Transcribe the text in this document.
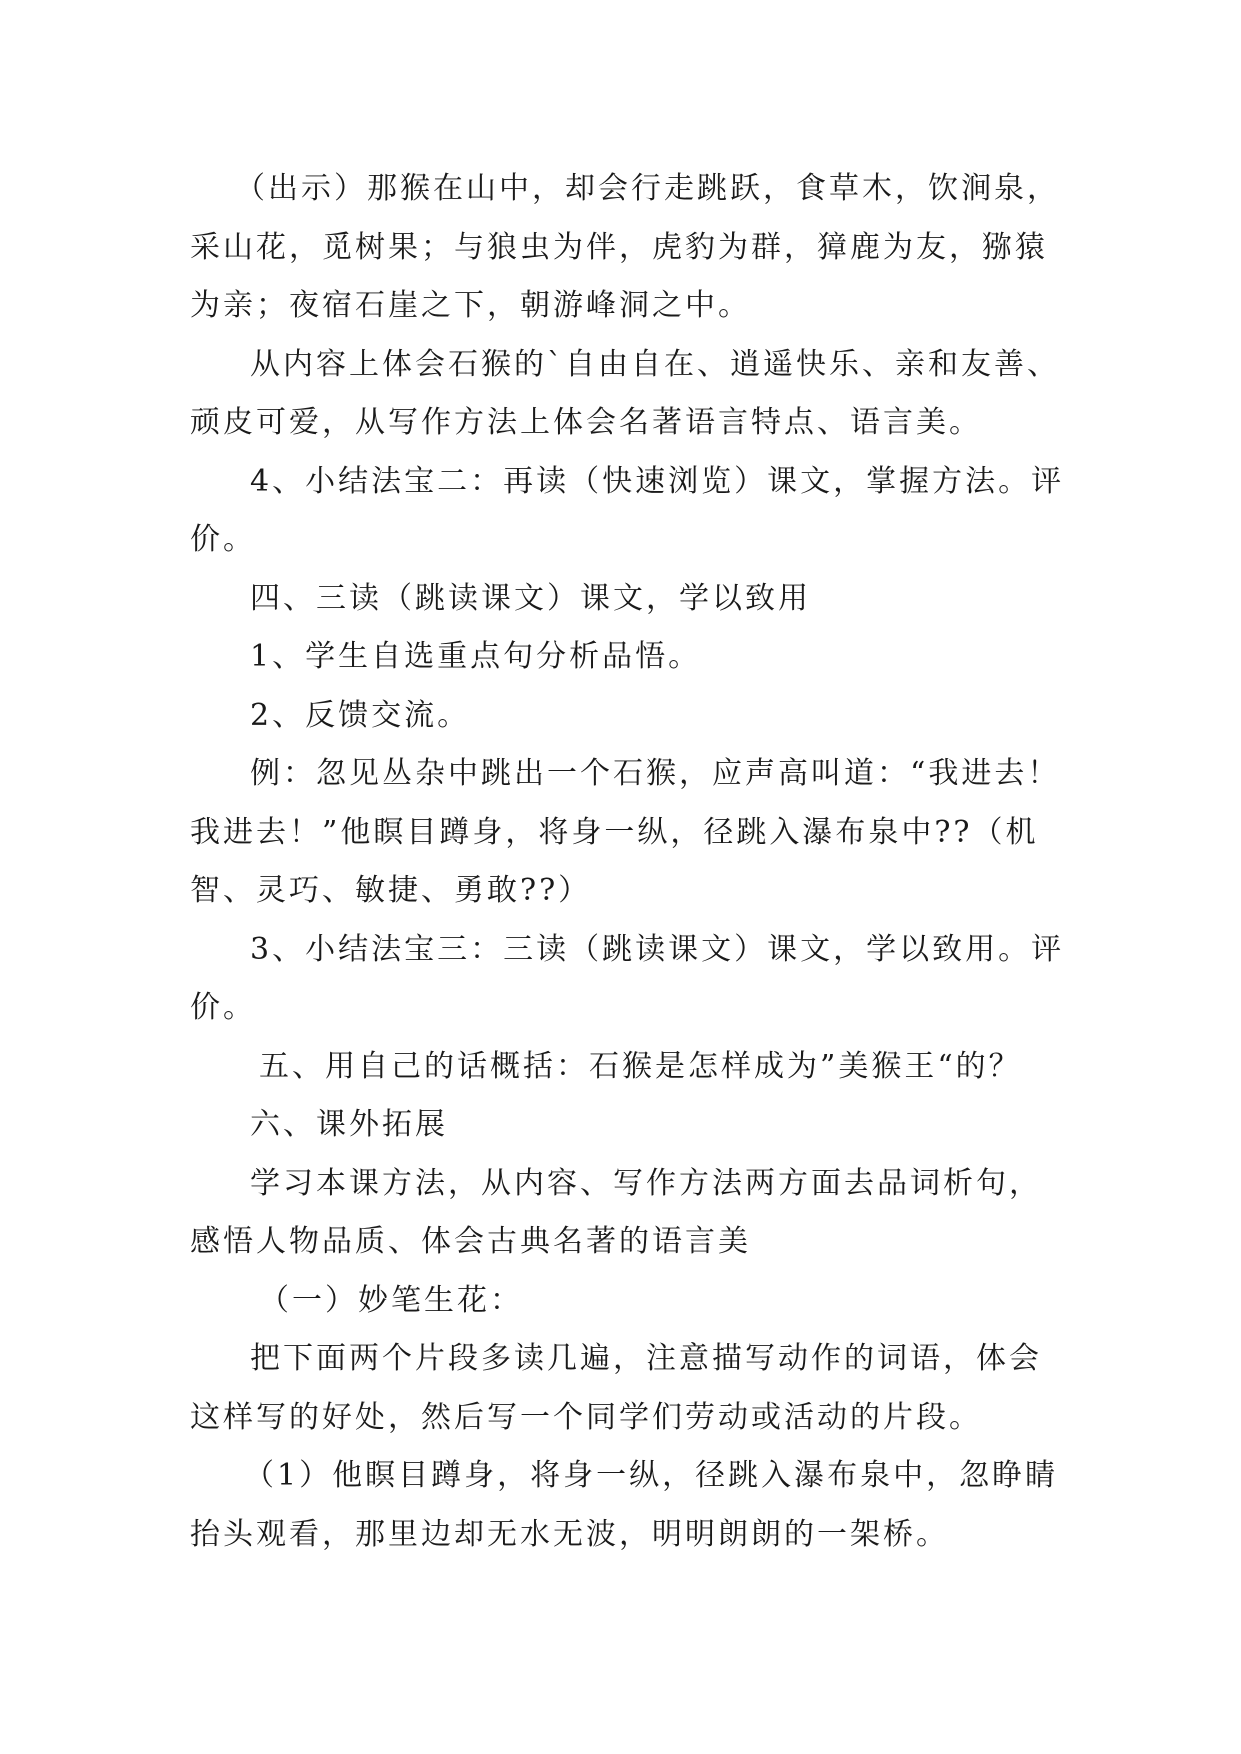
（出示）那猴在山中，却会行走跳跃，食草木，饮涧泉，采山花，觅树果；与狼虫为伴，虎豹为群，獐鹿为友，猕猿为亲；夜宿石崖之下，朝游峰洞之中。

从内容上体会石猴的`自由自在、逍遥快乐、亲和友善、顽皮可爱，从写作方法上体会名著语言特点、语言美。

4、小结法宝二：再读（快速浏览）课文，掌握方法。评价。

四、三读（跳读课文）课文，学以致用

1、学生自选重点句分析品悟。

2、反馈交流。

例：忽见丛杂中跳出一个石猴，应声高叫道：“我进去！我进去！”他瞑目蹲身，将身一纵，径跳入瀑布泉中??（机智、灵巧、敏捷、勇敢??）

3、小结法宝三：三读（跳读课文）课文，学以致用。评价。

五、用自己的话概括：石猴是怎样成为”美猴王“的？

六、课外拓展

学习本课方法，从内容、写作方法两方面去品词析句，感悟人物品质、体会古典名著的语言美

（一）妙笔生花：

把下面两个片段多读几遍，注意描写动作的词语，体会这样写的好处，然后写一个同学们劳动或活动的片段。

（1）他瞑目蹲身，将身一纵，径跳入瀑布泉中，忽睁睛抬头观看，那里边却无水无波，明明朗朗的一架桥。
